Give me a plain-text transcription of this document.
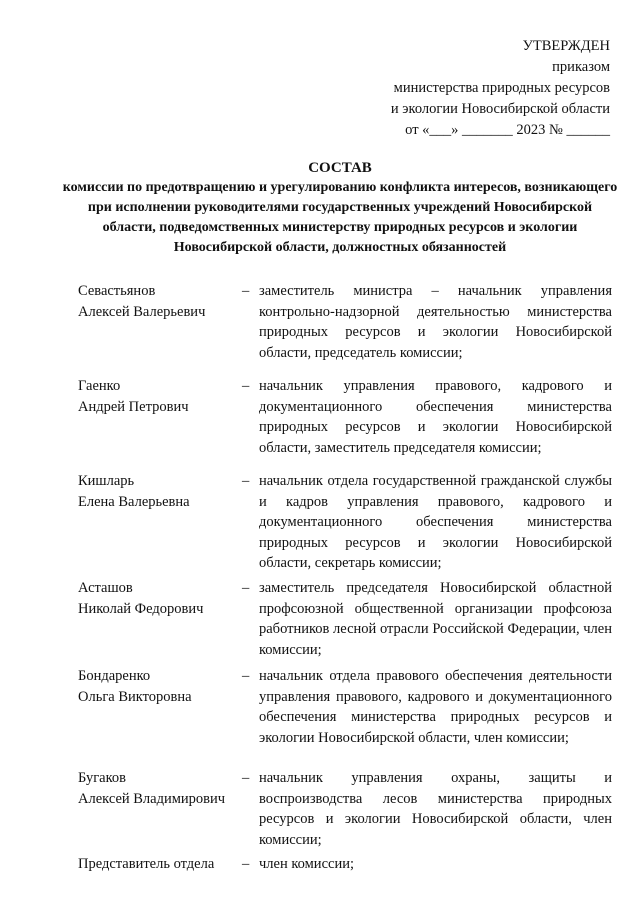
УТВЕРЖДЕН
приказом
министерства природных ресурсов
и экологии Новосибирской области
от «___» _______ 2023 № ______
СОСТАВ
комиссии по предотвращению и урегулированию конфликта интересов, возникающего при исполнении руководителями государственных учреждений Новосибирской области, подведомственных министерству природных ресурсов и экологии Новосибирской области, должностных обязанностей
Севастьянов
Алексей Валерьевич
– заместитель министра – начальник управления контрольно-надзорной деятельностью министерства природных ресурсов и экологии Новосибирской области, председатель комиссии;
Гаенко
Андрей Петрович
– начальник управления правового, кадрового и документационного обеспечения министерства природных ресурсов и экологии Новосибирской области, заместитель председателя комиссии;
Кишларь
Елена Валерьевна
– начальник отдела государственной гражданской службы и кадров управления правового, кадрового и документационного обеспечения министерства природных ресурсов и экологии Новосибирской области, секретарь комиссии;
Асташов
Николай Федорович
– заместитель председателя Новосибирской областной профсоюзной общественной организации профсоюза работников лесной отрасли Российской Федерации, член комиссии;
Бондаренко
Ольга Викторовна
– начальник отдела правового обеспечения деятельности управления правового, кадрового и документационного обеспечения министерства природных ресурсов и экологии Новосибирской области, член комиссии;
Бугаков
Алексей Владимирович
– начальник управления охраны, защиты и воспроизводства лесов министерства природных ресурсов и экологии Новосибирской области, член комиссии;
Представитель отдела	– член комиссии;
